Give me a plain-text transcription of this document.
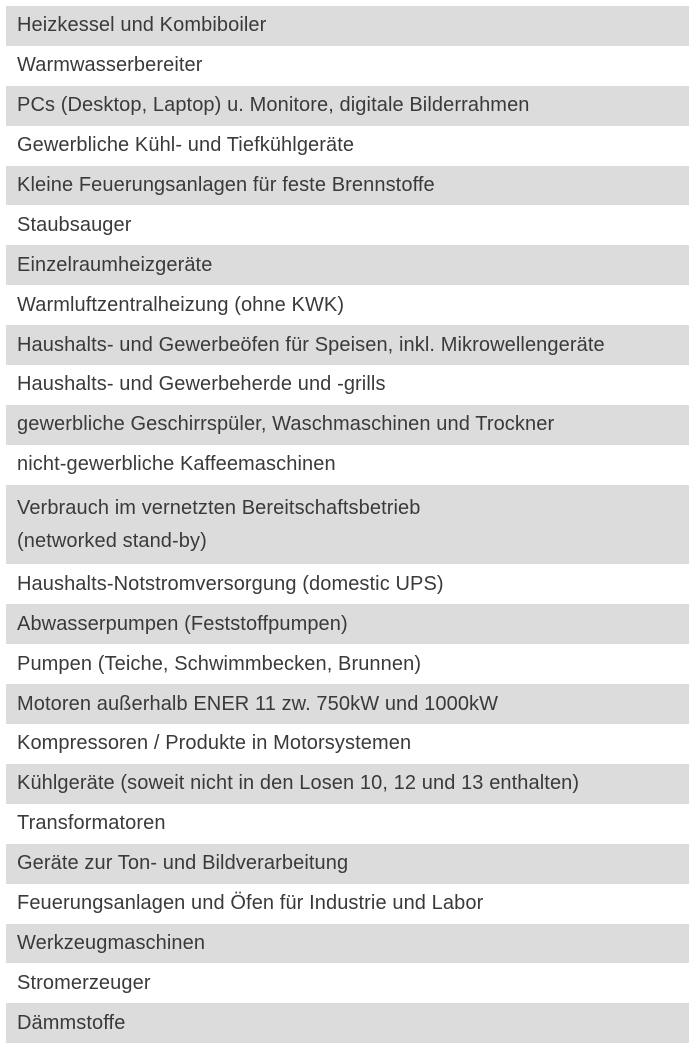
Heizkessel und Kombiboiler
Warmwasserbereiter
PCs (Desktop, Laptop) u. Monitore, digitale Bilderrahmen
Gewerbliche Kühl- und Tiefkühlgeräte
Kleine Feuerungsanlagen für feste Brennstoffe
Staubsauger
Einzelraumheizgeräte
Warmluftzentralheizung (ohne KWK)
Haushalts- und Gewerbeöfen für Speisen, inkl. Mikrowellengeräte
Haushalts- und Gewerbeherde und -grills
gewerbliche Geschirrspüler, Waschmaschinen und Trockner
nicht-gewerbliche Kaffeemaschinen
Verbrauch im vernetzten Bereitschaftsbetrieb
(networked stand-by)
Haushalts-Notstromversorgung (domestic UPS)
Abwasserpumpen (Feststoffpumpen)
Pumpen (Teiche, Schwimmbecken, Brunnen)
Motoren außerhalb ENER 11 zw. 750kW und 1000kW
Kompressoren / Produkte in Motorsystemen
Kühlgeräte (soweit nicht in den Losen 10, 12 und 13 enthalten)
Transformatoren
Geräte zur Ton- und Bildverarbeitung
Feuerungsanlagen und Öfen für Industrie und Labor
Werkzeugmaschinen
Stromerzeuger
Dämmstoffe
